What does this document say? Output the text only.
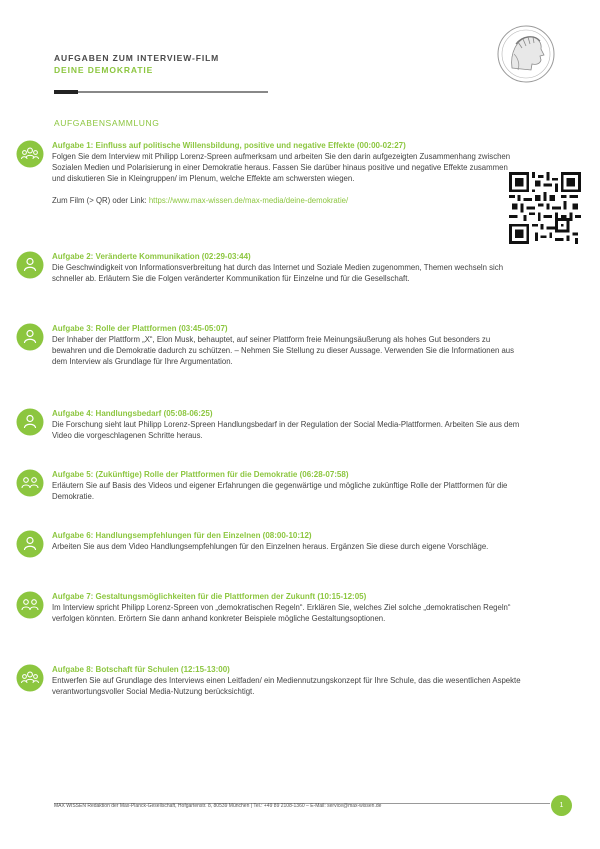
AUFGABEN ZUM INTERVIEW-FILM
DEINE DEMOKRATIE
AUFGABENSAMMLUNG
Aufgabe 1: Einfluss auf politische Willensbildung, positive und negative Effekte (00:00-02:27)
Folgen Sie dem Interview mit Philipp Lorenz-Spreen aufmerksam und arbeiten Sie den darin aufgezeigten Zusammenhang zwischen Sozialen Medien und Polarisierung in einer Demokratie heraus. Fassen Sie darüber hinaus positive und negative Effekte zusammen und diskutieren Sie in Kleingruppen/ im Plenum, welche Effekte am schwersten wiegen.
Zum Film (> QR) oder Link: https://www.max-wissen.de/max-media/deine-demokratie/
Aufgabe 2: Veränderte Kommunikation (02:29-03:44)
Die Geschwindigkeit von Informationsverbreitung hat durch das Internet und Soziale Medien zugenommen, Themen wechseln sich schneller ab. Erläutern Sie die Folgen veränderter Kommunikation für Einzelne und für die Gesellschaft.
Aufgabe 3: Rolle der Plattformen (03:45-05:07)
Der Inhaber der Plattform „X“, Elon Musk, behauptet, auf seiner Plattform freie Meinungsäußerung als hohes Gut besonders zu bewahren und die Demokratie dadurch zu schützen. – Nehmen Sie Stellung zu dieser Aussage. Verwenden Sie die Informationen aus dem Interview als Grundlage für Ihre Argumentation.
Aufgabe 4: Handlungsbedarf (05:08-06:25)
Die Forschung sieht laut Philipp Lorenz-Spreen Handlungsbedarf in der Regulation der Social Media-Plattformen. Arbeiten Sie aus dem Video die vorgeschlagenen Schritte heraus.
Aufgabe 5: (Zukünftige) Rolle der Plattformen für die Demokratie (06:28-07:58)
Erläutern Sie auf Basis des Videos und eigener Erfahrungen die gegenwärtige und mögliche zukünftige Rolle der Plattformen für die Demokratie.
Aufgabe 6: Handlungsempfehlungen für den Einzelnen (08:00-10:12)
Arbeiten Sie aus dem Video Handlungsempfehlungen für den Einzelnen heraus. Ergänzen Sie diese durch eigene Vorschläge.
Aufgabe 7: Gestaltungsmöglichkeiten für die Plattformen der Zukunft (10:15-12:05)
Im Interview spricht Philipp Lorenz-Spreen von „demokratischen Regeln“. Erklären Sie, welches Ziel solche „demokratischen Regeln“ verfolgen könnten. Erörtern Sie dann anhand konkreter Beispiele mögliche Gestaltungsoptionen.
Aufgabe 8: Botschaft für Schulen (12:15-13:00)
Entwerfen Sie auf Grundlage des Interviews einen Leitfaden/ ein Mediennutzungskonzept für Ihre Schule, das die wesentlichen Aspekte verantwortungsvoller Social Media-Nutzung berücksichtigt.
MAX WISSEN Redaktion der Max-Planck-Gesellschaft, Hofgartenstr. 8, 80539 München | Tel.: +49 89 2108-1360 – E-Mail: service@max-wissen.de	1
